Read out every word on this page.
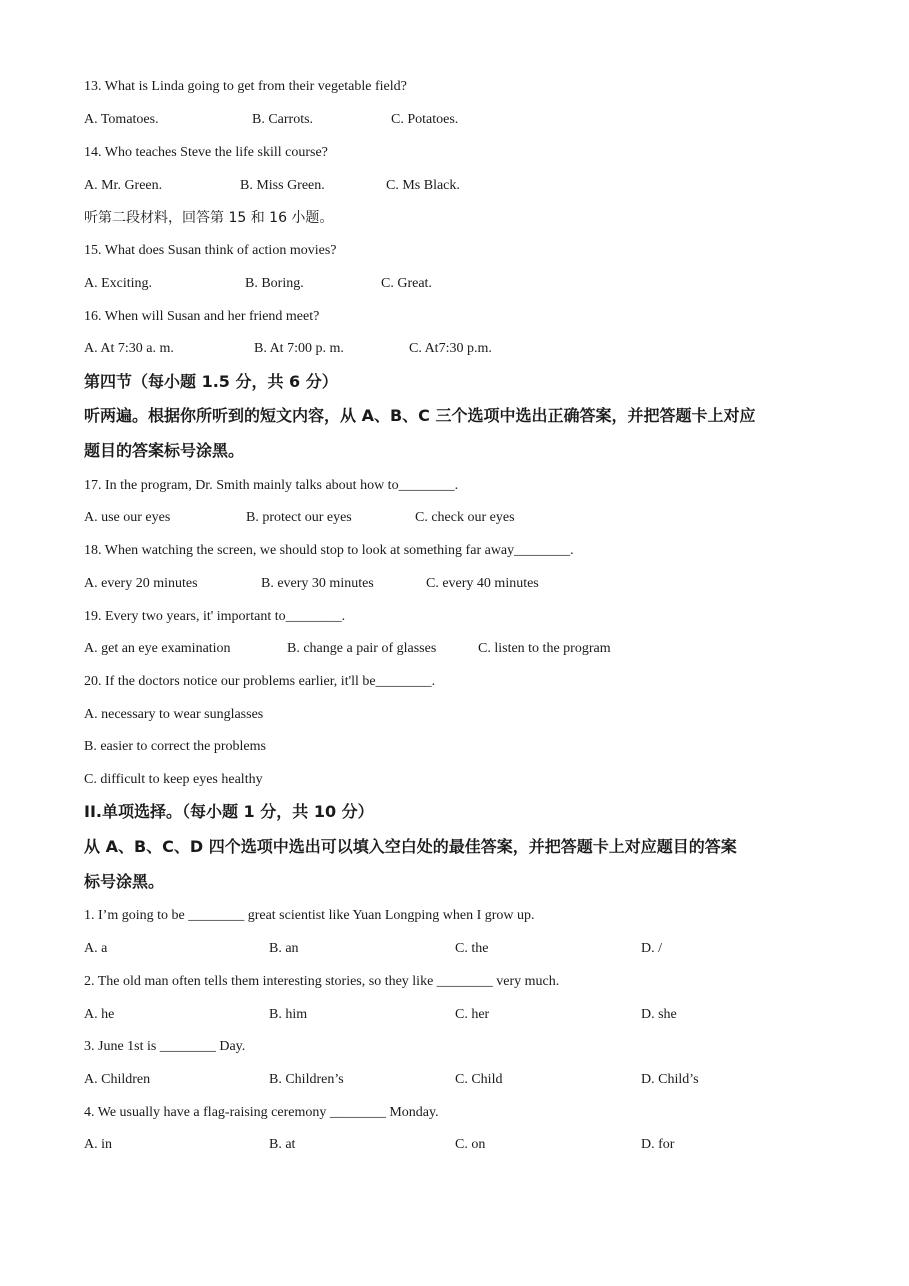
13. What is Linda going to get from their vegetable field?
A. Tomatoes.	B. Carrots.	C. Potatoes.
14. Who teaches Steve the life skill course?
A. Mr. Green.	B. Miss Green.	C. Ms Black.
听第二段材料，回答第 15 和 16 小题。
15. What does Susan think of action movies?
A. Exciting.	B. Boring.	C. Great.
16. When will Susan and her friend meet?
A. At 7:30 a. m.	B. At 7:00 p. m.	C. At7:30 p.m.
第四节（每小题 1.5 分，共 6 分）
听两遍。根据你所听到的短文内容，从 A、B、C 三个选项中选出正确答案，并把答题卡上对应
题目的答案标号涂黑。
17. In the program, Dr. Smith mainly talks about how to________.
A. use our eyes	B. protect our eyes	C. check our eyes
18. When watching the screen, we should stop to look at something far away________.
A. every 20 minutes	B. every 30 minutes	C. every 40 minutes
19. Every two years, it' important to________.
A. get an eye examination	B. change a pair of glasses	C. listen to the program
20. If the doctors notice our problems earlier, it'll be________.
A. necessary to wear sunglasses
B. easier to correct the problems
C. difficult to keep eyes healthy
II.单项选择。（每小题 1 分，共 10 分）
从 A、B、C、D 四个选项中选出可以填入空白处的最佳答案，并把答题卡上对应题目的答案
标号涂黑。
1. I’m going to be ________ great scientist like Yuan Longping when I grow up.
A. a	B. an	C. the	D. /
2. The old man often tells them interesting stories, so they like ________ very much.
A. he	B. him	C. her	D. she
3. June 1st is ________ Day.
A. Children	B. Children’s	C. Child	D. Child’s
4. We usually have a flag-raising ceremony ________ Monday.
A. in	B. at	C. on	D. for
